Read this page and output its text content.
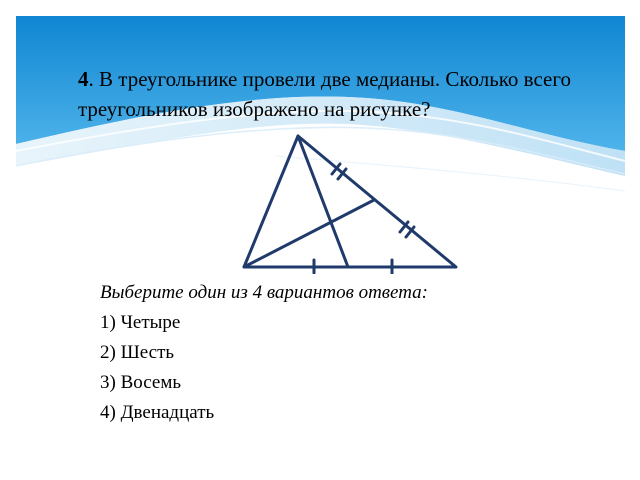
4. В треугольнике провели две медианы. Сколько всего треугольников изображено на рисунке?
Выберите один из 4 вариантов ответа:
1) Четыре
2) Шесть
3) Восемь
4) Двенадцать
